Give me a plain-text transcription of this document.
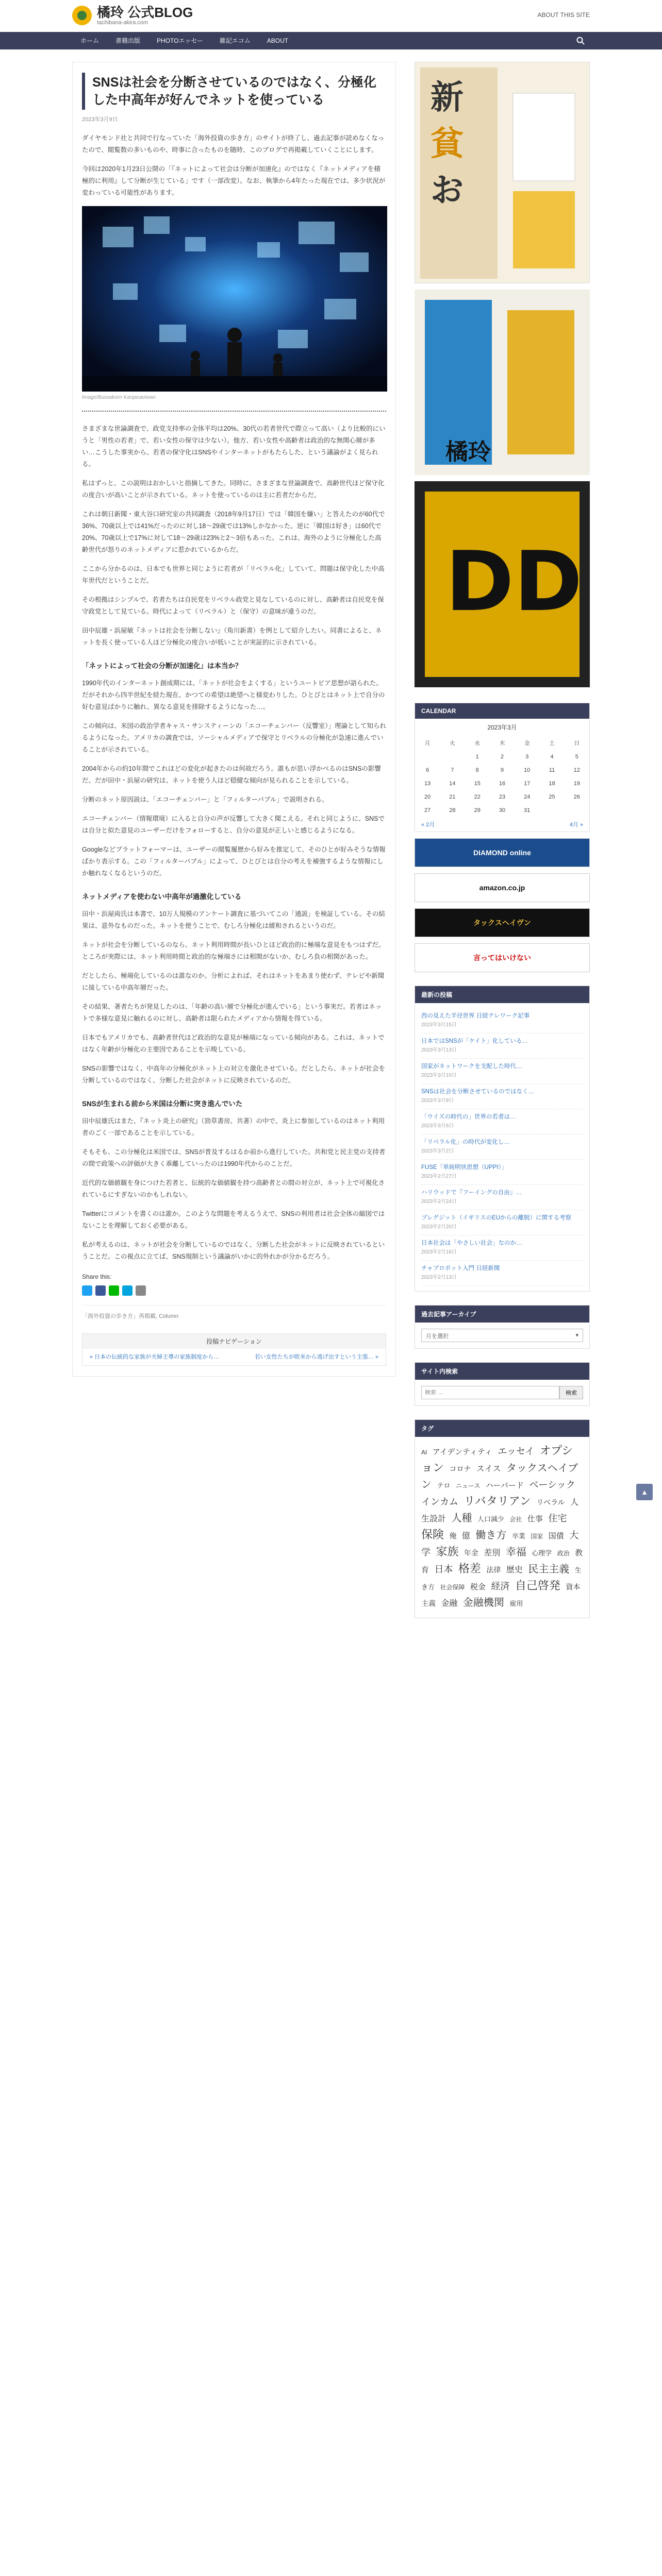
橘玲 公式BLOG
tachibana-akira.com
ABOUT THIS SITE
ホーム	書籍出版	PHOTOエッセー	雑記エコム	ABOUT
SNSは社会を分断させているのではなく、分極化した中高年が好んでネットを使っている
2023年3月9日

ダイヤモンド社と共同で行なっていた「海外投資の歩き方」のサイトが終了し、過去記事が読めなくなったので、閲覧数の多いものや、時事に合ったものを随時、このブログで再掲載していくことにします。

今回は2020年1月23日公開の「『ネットによって社会は分断が加速化』のではなく『ネットメディアを積極的に利用』して分断が生じている」です（一部改変）。なお、執筆から4年たった現在では、多少状況が変わっている可能性があります。

Image/Bussakorn Kanjanaviwan

さまざまな世論調査で、政党支持率の全体平均は20%、30代の若者世代で際立って高い（より比較的にいうと「男性の若者」で、若い女性の保守は少ない）。他方、若い女性や高齢者は政治的な無関心層が多い…こうした事実から、若者の保守化はSNSやインターネットがもたらした、という議論がよく見られる。

私はずっと、この説明はおかしいと指摘してきた。同時に、さまざまな世論調査で、高齢世代ほど保守化の度合いが高いことが示されている。ネットを使っているのは主に若者だからだ。

これは朝日新聞・東大谷口研究室の共同調査（2018年9月17日）では「韓国を嫌い」と答えたのが60代で36%、70歳以上では41%だったのに対し18〜29歳では13%しかなかった。逆に「韓国は好き」は60代で20%、70歳以上で17%に対して18〜29歳は23%と2〜3倍もあった。これは、海外のように分極化した高齢世代が怒りのネットメディアに惹かれているからだ。

ここから分かるのは、日本でも世界と同じように若者が「リベラル化」していて、問題は保守化した中高年世代だということだ。

その根拠はシンプルで、若者たちは自民党をリベラル政党と見なしているのに対し、高齢者は自民党を保守政党として見ている。時代によって（リベラル）と（保守）の意味が違うのだ。

田中辰雄・浜屋敏『ネットは社会を分断しない』（角川新書）を例として紹介したい。同書によると、ネットを長く使っている人ほど分極化の度合いが低いことが実証的に示されている。

「ネットによって社会の分断が加速化」は本当か？

1990年代のインターネット創成期には、「ネットが社会をよくする」というユートピア思想が語られた。だがそれから四半世紀を経た現在、かつての希望は絶望へと様変わりした。ひとびとはネット上で自分の好む意見ばかりに触れ、異なる意見を排除するようになった…。

この傾向は、米国の政治学者キャス・サンスティーンの「エコーチェンバー（反響室）」理論として知られるようになった。アメリカの調査では、ソーシャルメディアで保守とリベラルの分極化が急速に進んでいることが示されている。

2004年からの約10年間でこれほどの変化が起きたのは何故だろう。誰もが思い浮かべるのはSNSの影響だ。だが田中・浜屋の研究は、ネットを使う人ほど穏健な傾向が見られることを示している。

分断のネット原因説は、「エコーチェンバー」と「フィルターバブル」で説明される。

エコーチェンバー（情報環境）に入ると自分の声が反響して大きく聞こえる。それと同じように、SNSでは自分と似た意見のユーザーだけをフォローすると、自分の意見が正しいと感じるようになる。

Googleなどプラットフォーマーは、ユーザーの閲覧履歴から好みを推定して、そのひとが好みそうな情報ばかり表示する。この「フィルターバブル」によって、ひとびとは自分の考えを補強するような情報にしか触れなくなるというのだ。

ネットメディアを使わない中高年が過激化している

田中・浜屋両氏は本書で、10万人規模のアンケート調査に基づいてこの「通説」を検証している。その結果は、意外なものだった。ネットを使うことで、むしろ分極化は緩和されるというのだ。

ネットが社会を分断しているのなら、ネット利用時間が長いひとほど政治的に極端な意見をもつはずだ。ところが実際には、ネット利用時間と政治的な極端さには相関がないか、むしろ負の相関があった。

だとしたら、極端化しているのは誰なのか。分析によれば、それはネットをあまり使わず、テレビや新聞に接している中高年層だった。

その結果、著者たちが発見したのは、「年齢の高い層で分極化が進んでいる」という事実だ。若者はネットで多様な意見に触れるのに対し、高齢者は限られたメディアから情報を得ている。

日本でもアメリカでも、高齢者世代ほど政治的な意見が極端になっている傾向がある。これは、ネットではなく年齢が分極化の主要因であることを示唆している。

SNSの影響ではなく、中高年の分極化がネット上の対立を激化させている。だとしたら、ネットが社会を分断しているのではなく、分断した社会がネットに反映されているのだ。

SNSが生まれる前から米国は分断に突き進んでいた

田中辰雄氏はまた、『ネット炎上の研究』（勁草書房、共著）の中で、炎上に参加しているのはネット利用者のごく一部であることを示している。

そもそも、この分極化は米国では、SNSが普及するはるか前から進行していた。共和党と民主党の支持者の間で政策への評価が大きく乖離していったのは1990年代からのことだ。

近代的な価値観を身につけた若者と、伝統的な価値観を持つ高齢者との間の対立が、ネット上で可視化されているにすぎないのかもしれない。

Twitterにコメントを書くのは誰か。このような問題を考えるうえで、SNSの利用者は社会全体の縮図ではないことを理解しておく必要がある。

私が考えるのは、ネットが社会を分断しているのではなく、分断した社会がネットに反映されているということだ。この視点に立てば、SNS規制という議論がいかに的外れかが分かるだろう。

Share this:
「海外投資の歩き方」再掲載, Column
投稿ナビゲーション
« 日本の伝統的な家族が夫婦主導の家族制度から…	若い女性たちが欧米から逃げ出すという主張… »
新
貧
お
橘玲
DD
CALENDAR
2023年3月
月	火	水	木	金	土	日
		1	2	3	4	5
6	7	8	9	10	11	12
13	14	15	16	17	18	19
20	21	22	23	24	25	26
27	28	29	30	31		
« 2月	4月 »
DIAMOND online
amazon.co.jp
タックスヘイヴン
言ってはいけない
最新の投稿
西の見えた半径世界 日経テレワーク記事
2023年3月15日
日本ではSNSが「ケイト」化している…
2023年3月13日
国家がネットワークを支配した時代…
2023年3月10日
SNSは社会を分断させているのではなく…
2023年3月9日
「ウイズの時代の」世界の若者は…
2023年3月6日
「リベラル化」の時代が変化し…
2023年3月2日
FUSE「単純明快思想（UPPI）」
2023年2月27日
ハリウッドで『フーイングの自由』…
2023年2月24日
プレグジット（イギリスのEUからの離脱）に関する考察
2023年2月20日
日本社会は「やさしい社会」なのか…
2023年2月16日
チャプロボット入門 日経新聞
2023年2月13日
過去記事アーカイブ
月を選択	▾
サイト内検索
検索 …
検索
タグ
AI アイデンティティ エッセイ オプション コロナ スイス タックスヘイブン テロ ニュース ハーバード ベーシックインカム リバタリアン リベラル 人生設計 人種 人口減少 会社 仕事 住宅 保険 俺 億 働き方 卒業 国家 国債 大学 家族 年金 差別 幸福 心理学 政治 教育 日本 格差 法律 歴史 民主主義 生き方 社会保障 税金 経済 自己啓発 資本主義 金融 金融機関 雇用
▲
